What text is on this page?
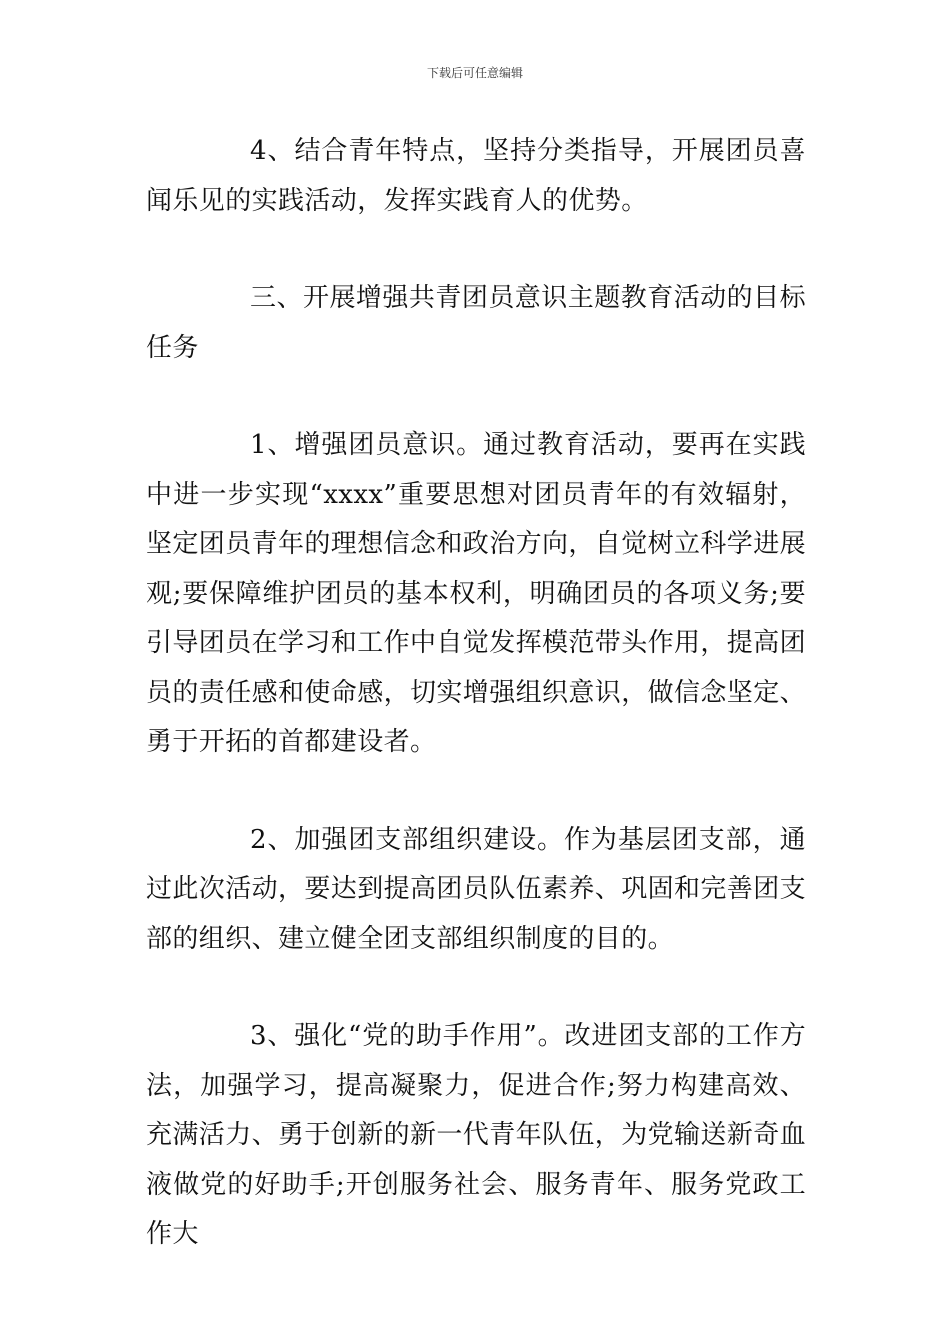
下载后可任意编辑

4、结合青年特点，坚持分类指导，开展团员喜闻乐见的实践活动，发挥实践育人的优势。

三、开展增强共青团员意识主题教育活动的目标任务

1、增强团员意识。通过教育活动，要再在实践中进一步实现“xxxx”重要思想对团员青年的有效辐射，坚定团员青年的理想信念和政治方向，自觉树立科学进展观;要保障维护团员的基本权利，明确团员的各项义务;要引导团员在学习和工作中自觉发挥模范带头作用，提高团员的责任感和使命感，切实增强组织意识，做信念坚定、勇于开拓的首都建设者。

2、加强团支部组织建设。作为基层团支部，通过此次活动，要达到提高团员队伍素养、巩固和完善团支部的组织、建立健全团支部组织制度的目的。

3、强化“党的助手作用”。改进团支部的工作方法，加强学习，提高凝聚力，促进合作;努力构建高效、充满活力、勇于创新的新一代青年队伍，为党输送新奇血液做党的好助手;开创服务社会、服务青年、服务党政工作大
